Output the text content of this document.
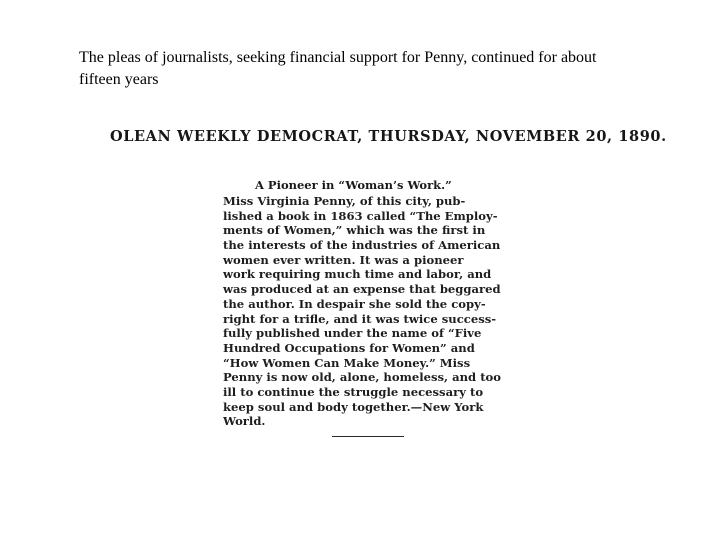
The pleas of journalists, seeking financial support for Penny, continued for about fifteen years
OLEAN WEEKLY DEMOCRAT, THURSDAY, NOVEMBER 20, 1890.
A Pioneer in “Woman’s Work.”
Miss Virginia Penny, of this city, pub-
lished a book in 1863 called “The Employ-
ments of Women,” which was the first in
the interests of the industries of American
women ever written. It was a pioneer
work requiring much time and labor, and
was produced at an expense that beggared
the author. In despair she sold the copy-
right for a trifle, and it was twice success-
fully published under the name of “Five
Hundred Occupations for Women” and
“How Women Can Make Money.” Miss
Penny is now old, alone, homeless, and too
ill to continue the struggle necessary to
keep soul and body together.—New York
World.
